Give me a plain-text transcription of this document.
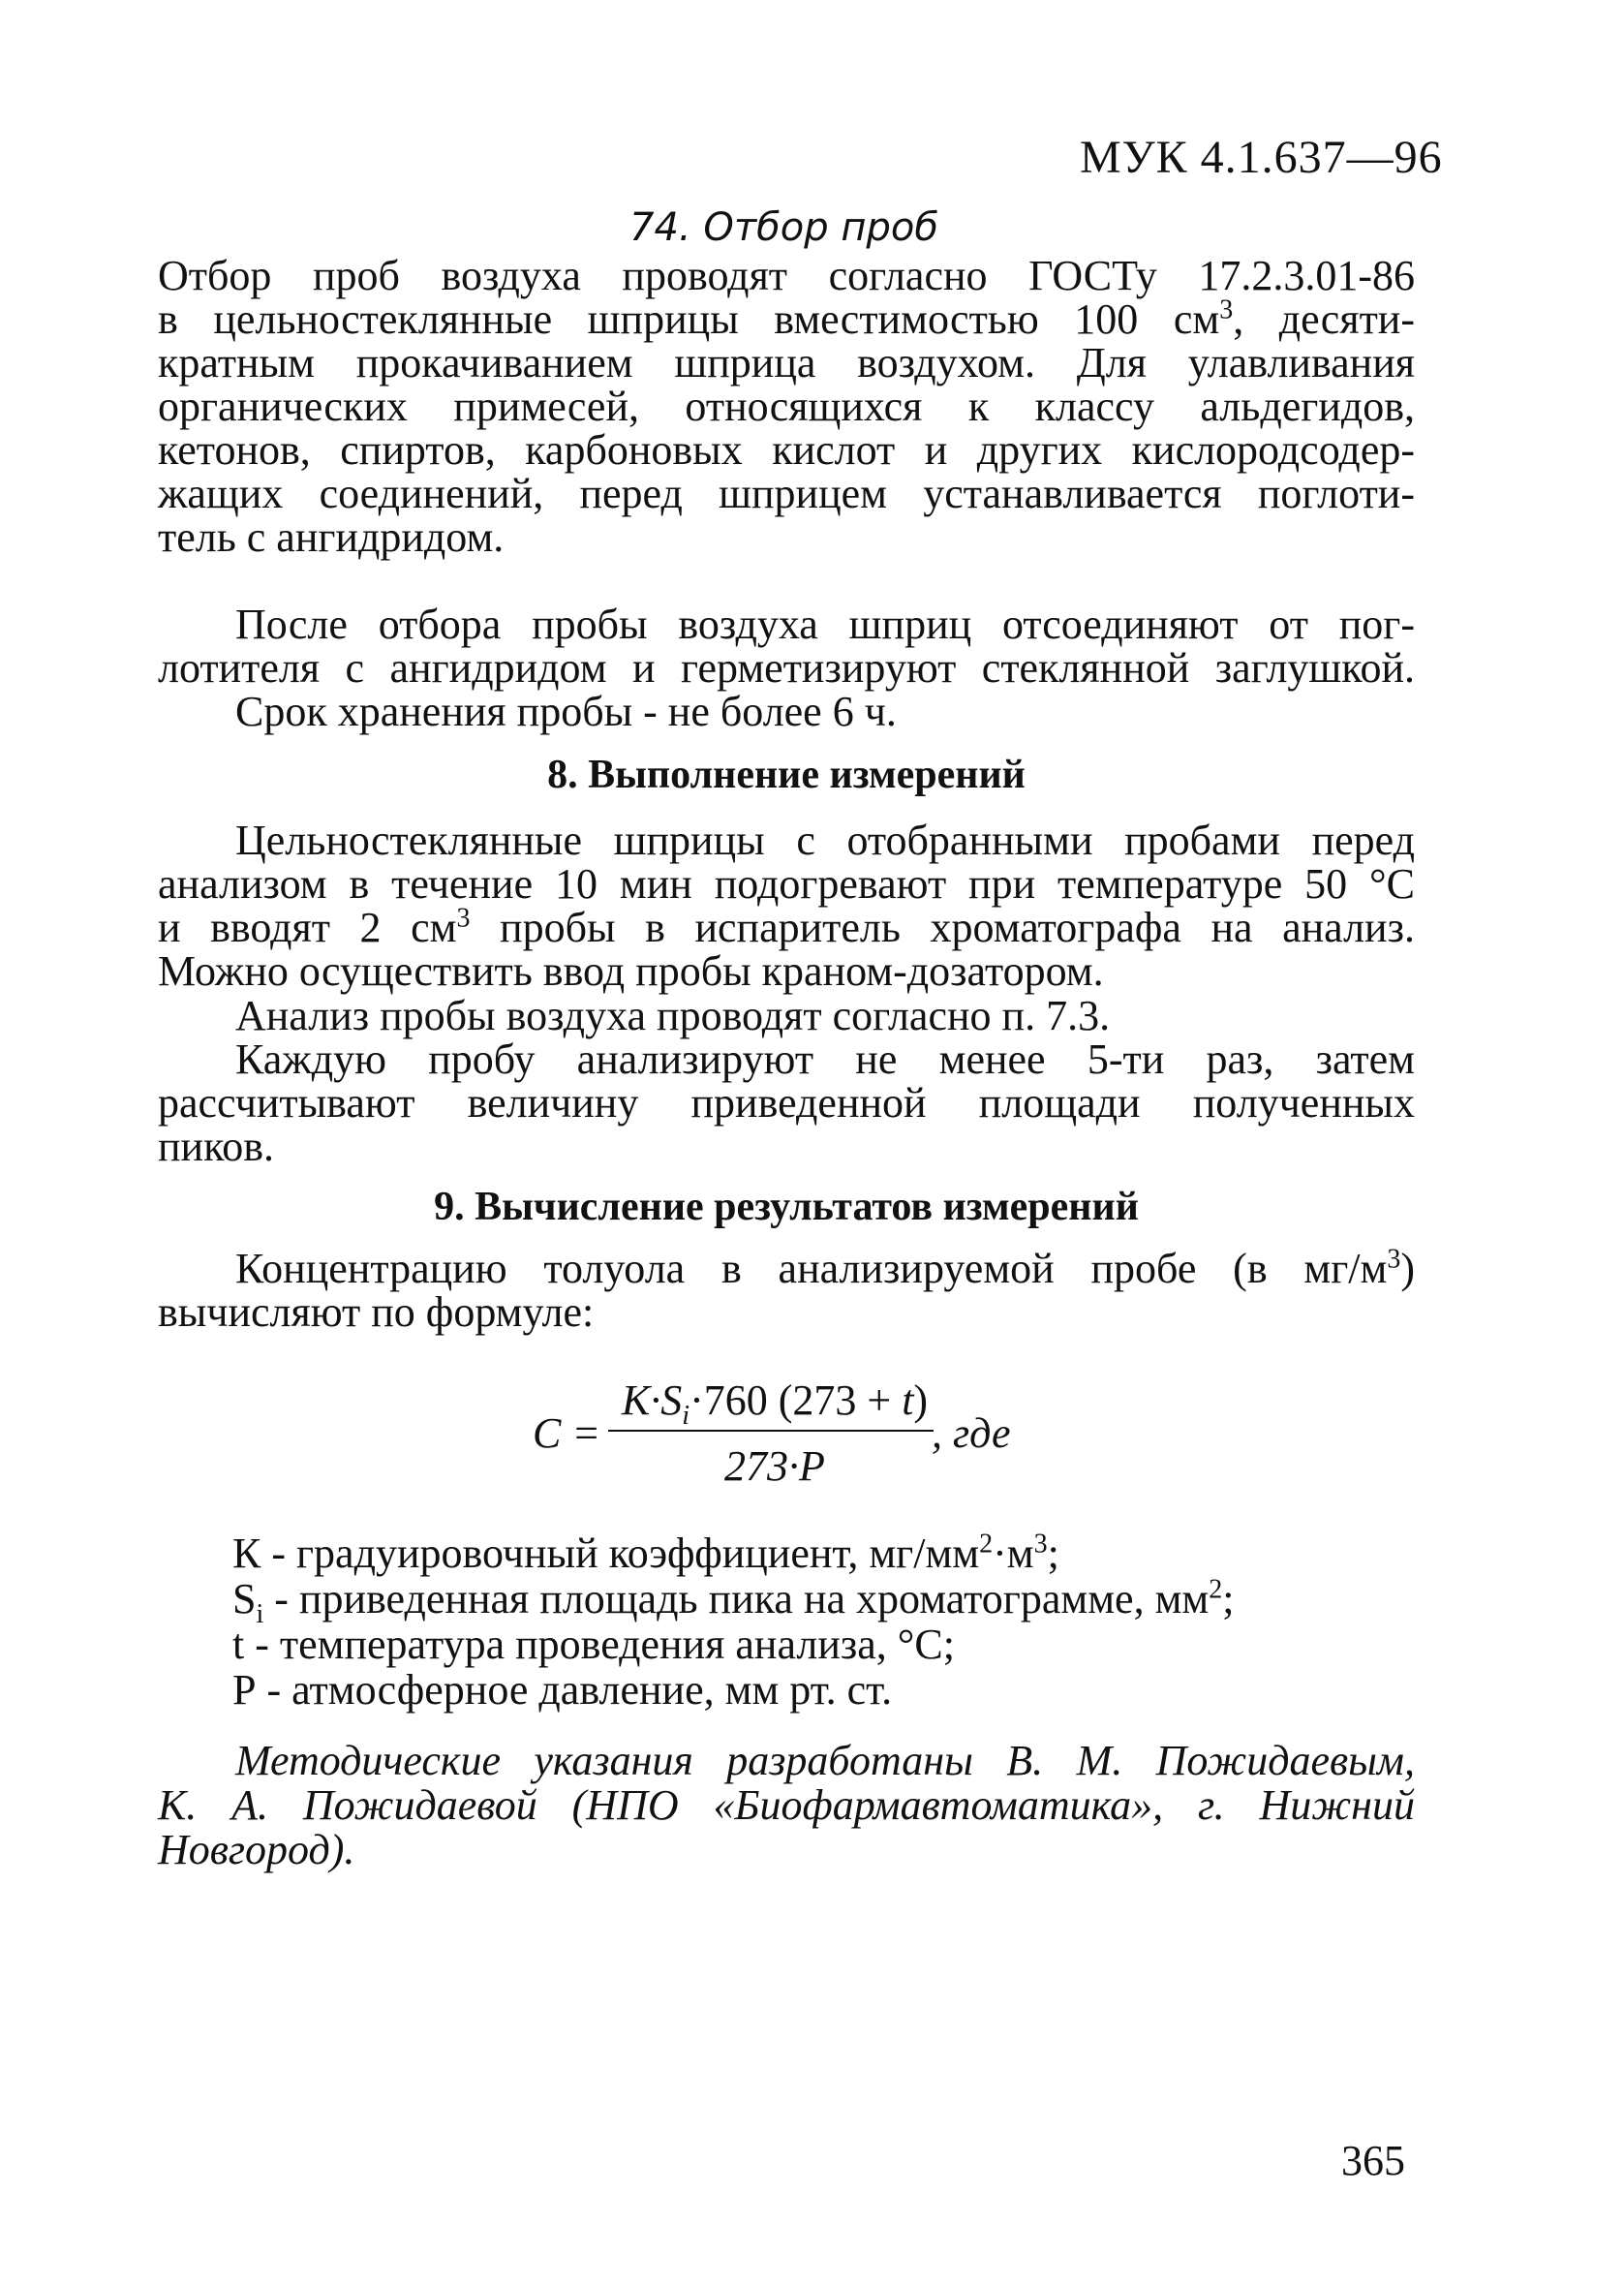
МУК 4.1.637—96
74. Отбор проб
Отбор проб воздуха проводят согласно ГОСТу 17.2.3.01-86
в цельностеклянные шприцы вместимостью 100 $см^3$, десяти-
кратным прокачиванием шприца воздухом. Для улавливания
органических примесей, относящихся к классу альдегидов,
кетонов, спиртов, карбоновых кислот и других кислородсодер-
жащих соединений, перед шприцем устанавливается поглоти-
тель с ангидридом.
После отбора пробы воздуха шприц отсоединяют от пог-
лотителя с ангидридом и герметизируют стеклянной заглушкой.
Срок хранения пробы - не более 6 ч.
8. Выполнение измерений
Цельностеклянные шприцы с отобранными пробами перед
анализом в течение 10 мин подогревают при температуре 50 °С
и вводят 2 $см^3$ пробы в испаритель хроматографа на анализ.
Можно осуществить ввод пробы краном-дозатором.
Анализ пробы воздуха проводят согласно п. 7.3.
Каждую пробу анализируют не менее 5-ти раз, затем
рассчитывают величину приведенной площади полученных
пиков.
9. Вычисление результатов измерений
Концентрацию толуола в анализируемой пробе (в $мг/м^3$)
вычисляют по формуле:
C =
$K\cdot S_i\cdot 760$ (273 + t)
273·P
, где
К - градуировочный коэффициент, $мг/мм^2\cdot м^3$;
$S_i$ - приведенная площадь пика на хроматограмме, $мм^2$;
t - температура проведения анализа, °С;
Р - атмосферное давление, мм рт. ст.
Методические указания разработаны В. М. Пожидаевым,
К. А. Пожидаевой (НПО «Биофармавтоматика», г. Нижний
Новгород).
365
